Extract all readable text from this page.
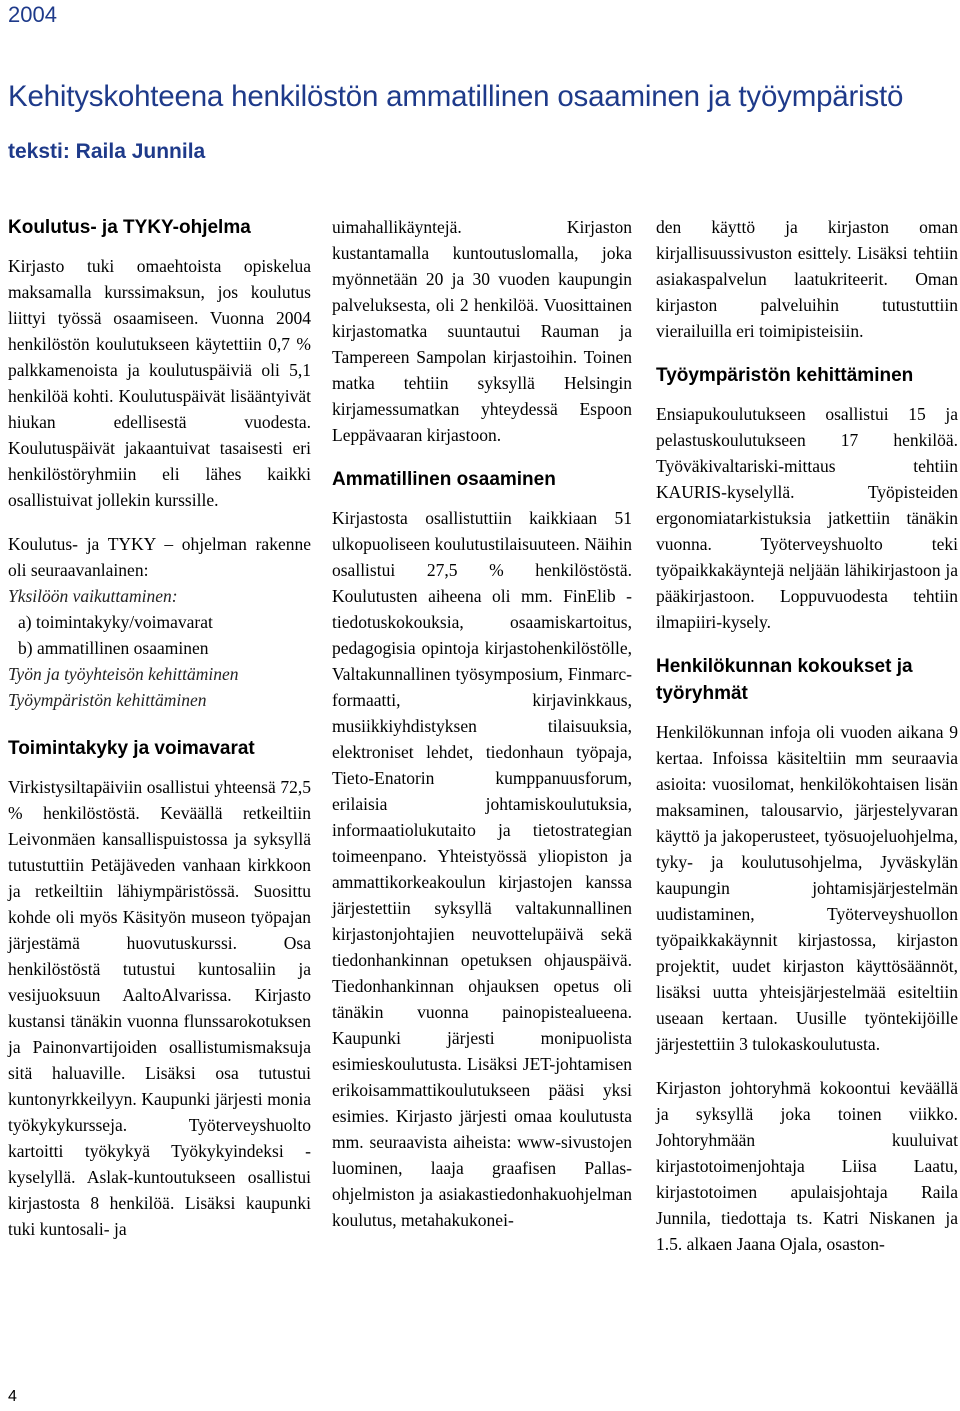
2004
Kehityskohteena henkilöstön ammatillinen osaaminen ja työympäristö
teksti: Raila Junnila
Koulutus- ja TYKY-ohjelma
Kirjasto tuki omaehtoista opiskelua maksamalla kurssimaksun, jos koulutus liittyi työssä osaamiseen. Vuonna 2004 henkilöstön koulutukseen käytettiin 0,7 % palkkamenoista ja koulutuspäiviä oli 5,1 henkilöä kohti. Koulutuspäivät lisääntyivät hiukan edellisestä vuodesta. Koulutuspäivät jakaantuivat tasaisesti eri henkilöstöryhmiin eli lähes kaikki osallistuivat jollekin kurssille.
Koulutus- ja TYKY – ohjelman rakenne oli seuraavanlainen:
Yksilöön vaikuttaminen:
a) toimintakyky/voimavarat
b) ammatillinen osaaminen
Työn ja työyhteisön kehittäminen
Työympäristön kehittäminen
Toimintakyky ja voimavarat
Virkistysiltapäiviin osallistui yhteensä 72,5 % henkilöstöstä. Keväällä retkeiltiin Leivonmäen kansallispuistossa ja syksyllä tutustuttiin Petäjäveden vanhaan kirkkoon ja retkeiltiin lähiympäristössä. Suosittu kohde oli myös Käsityön museon työpajan järjestämä huovutuskurssi. Osa henkilöstöstä tutustui kuntosaliin ja vesijuoksuun AaltoAlvarissa. Kirjasto kustansi tänäkin vuonna flunssarokotuksen ja Painonvartijoiden osallistumismaksuja sitä haluaville. Lisäksi osa tutustui kuntonyrkkeilyyn. Kaupunki järjesti monia työkykykursseja. Työterveyshuolto kartoitti työkykyä Työkykyindeksi -kyselyllä. Aslak-kuntoutukseen osallistui kirjastosta 8 henkilöä. Lisäksi kaupunki tuki kuntosali- ja
uimahallikäyntejä. Kirjaston kustantamalla kuntoutuslomalla, joka myönnetään 20 ja 30 vuoden kaupungin palveluksesta, oli 2 henkilöä. Vuosittainen kirjastomatka suuntautui Rauman ja Tampereen Sampolan kirjastoihin. Toinen matka tehtiin syksyllä Helsingin kirjamessumatkan yhteydessä Espoon Leppävaaran kirjastoon.
Ammatillinen osaaminen
Kirjastosta osallistuttiin kaikkiaan 51 ulkopuoliseen koulutustilaisuuteen. Näihin osallistui 27,5 % henkilöstöstä. Koulutusten aiheena oli mm. FinElib -tiedotuskokouksia, osaamiskartoitus, pedagogisia opintoja kirjastohenkilöstölle, Valtakunnallinen työsymposium, Finmarc-formaatti, kirjavinkkaus, musiikkiyhdistyksen tilaisuuksia, elektroniset lehdet, tiedonhaun työpaja, Tieto-Enatorin kumppanuusforum, erilaisia johtamiskoulutuksia, informaatiolukutaito ja tietostrategian toimeenpano. Yhteistyössä yliopiston ja ammattikorkeakoulun kirjastojen kanssa järjestettiin syksyllä valtakunnallinen kirjastonjohtajien neuvottelupäivä sekä tiedonhankinnan opetuksen ohjauspäivä. Tiedonhankinnan ohjauksen opetus oli tänäkin vuonna painopistealueena. Kaupunki järjesti monipuolista esimieskoulutusta. Lisäksi JET-johtamisen erikoisammattikoulutukseen pääsi yksi esimies. Kirjasto järjesti omaa koulutusta mm. seuraavista aiheista: www-sivustojen luominen, laaja graafisen Pallas-ohjelmiston ja asiakastiedonhakuohjelman koulutus, metahakukonei-
den käyttö ja kirjaston oman kirjallisuussivuston esittely. Lisäksi tehtiin asiakaspalvelun laatukriteerit. Oman kirjaston palveluihin tutustuttiin vierailuilla eri toimipisteisiin.
Työympäristön kehittäminen
Ensiapukoulutukseen osallistui 15 ja pelastuskoulutukseen 17 henkilöä. Työväkivaltariski-mittaus tehtiin KAURIS-kyselyllä. Työpisteiden ergonomiatarkistuksia jatkettiin tänäkin vuonna. Työterveyshuolto teki työpaikkakäyntejä neljään lähikirjastoon ja pääkirjastoon. Loppuvuodesta tehtiin ilmapiiri-kysely.
Henkilökunnan kokoukset ja työryhmät
Henkilökunnan infoja oli vuoden aikana 9 kertaa. Infoissa käsiteltiin mm seuraavia asioita: vuosilomat, henkilökohtaisen lisän maksaminen, talousarvio, järjestelyvaran käyttö ja jakoperusteet, työsuojeluohjelma, tyky- ja koulutusohjelma, Jyväskylän kaupungin johtamisjärjestelmän uudistaminen, Työterveyshuollon työpaikkakäynnit kirjastossa, kirjaston projektit, uudet kirjaston käyttösäännöt, lisäksi uutta yhteisjärjestelmää esiteltiin useaan kertaan. Uusille työntekijöille järjestettiin 3 tulokaskoulutusta.
Kirjaston johtoryhmä kokoontui keväällä ja syksyllä joka toinen viikko. Johtoryhmään kuuluivat kirjastotoimenjohtaja Liisa Laatu, kirjastotoimen apulaisjohtaja Raila Junnila, tiedottaja ts. Katri Niskanen ja 1.5. alkaen Jaana Ojala, osaston-
4
